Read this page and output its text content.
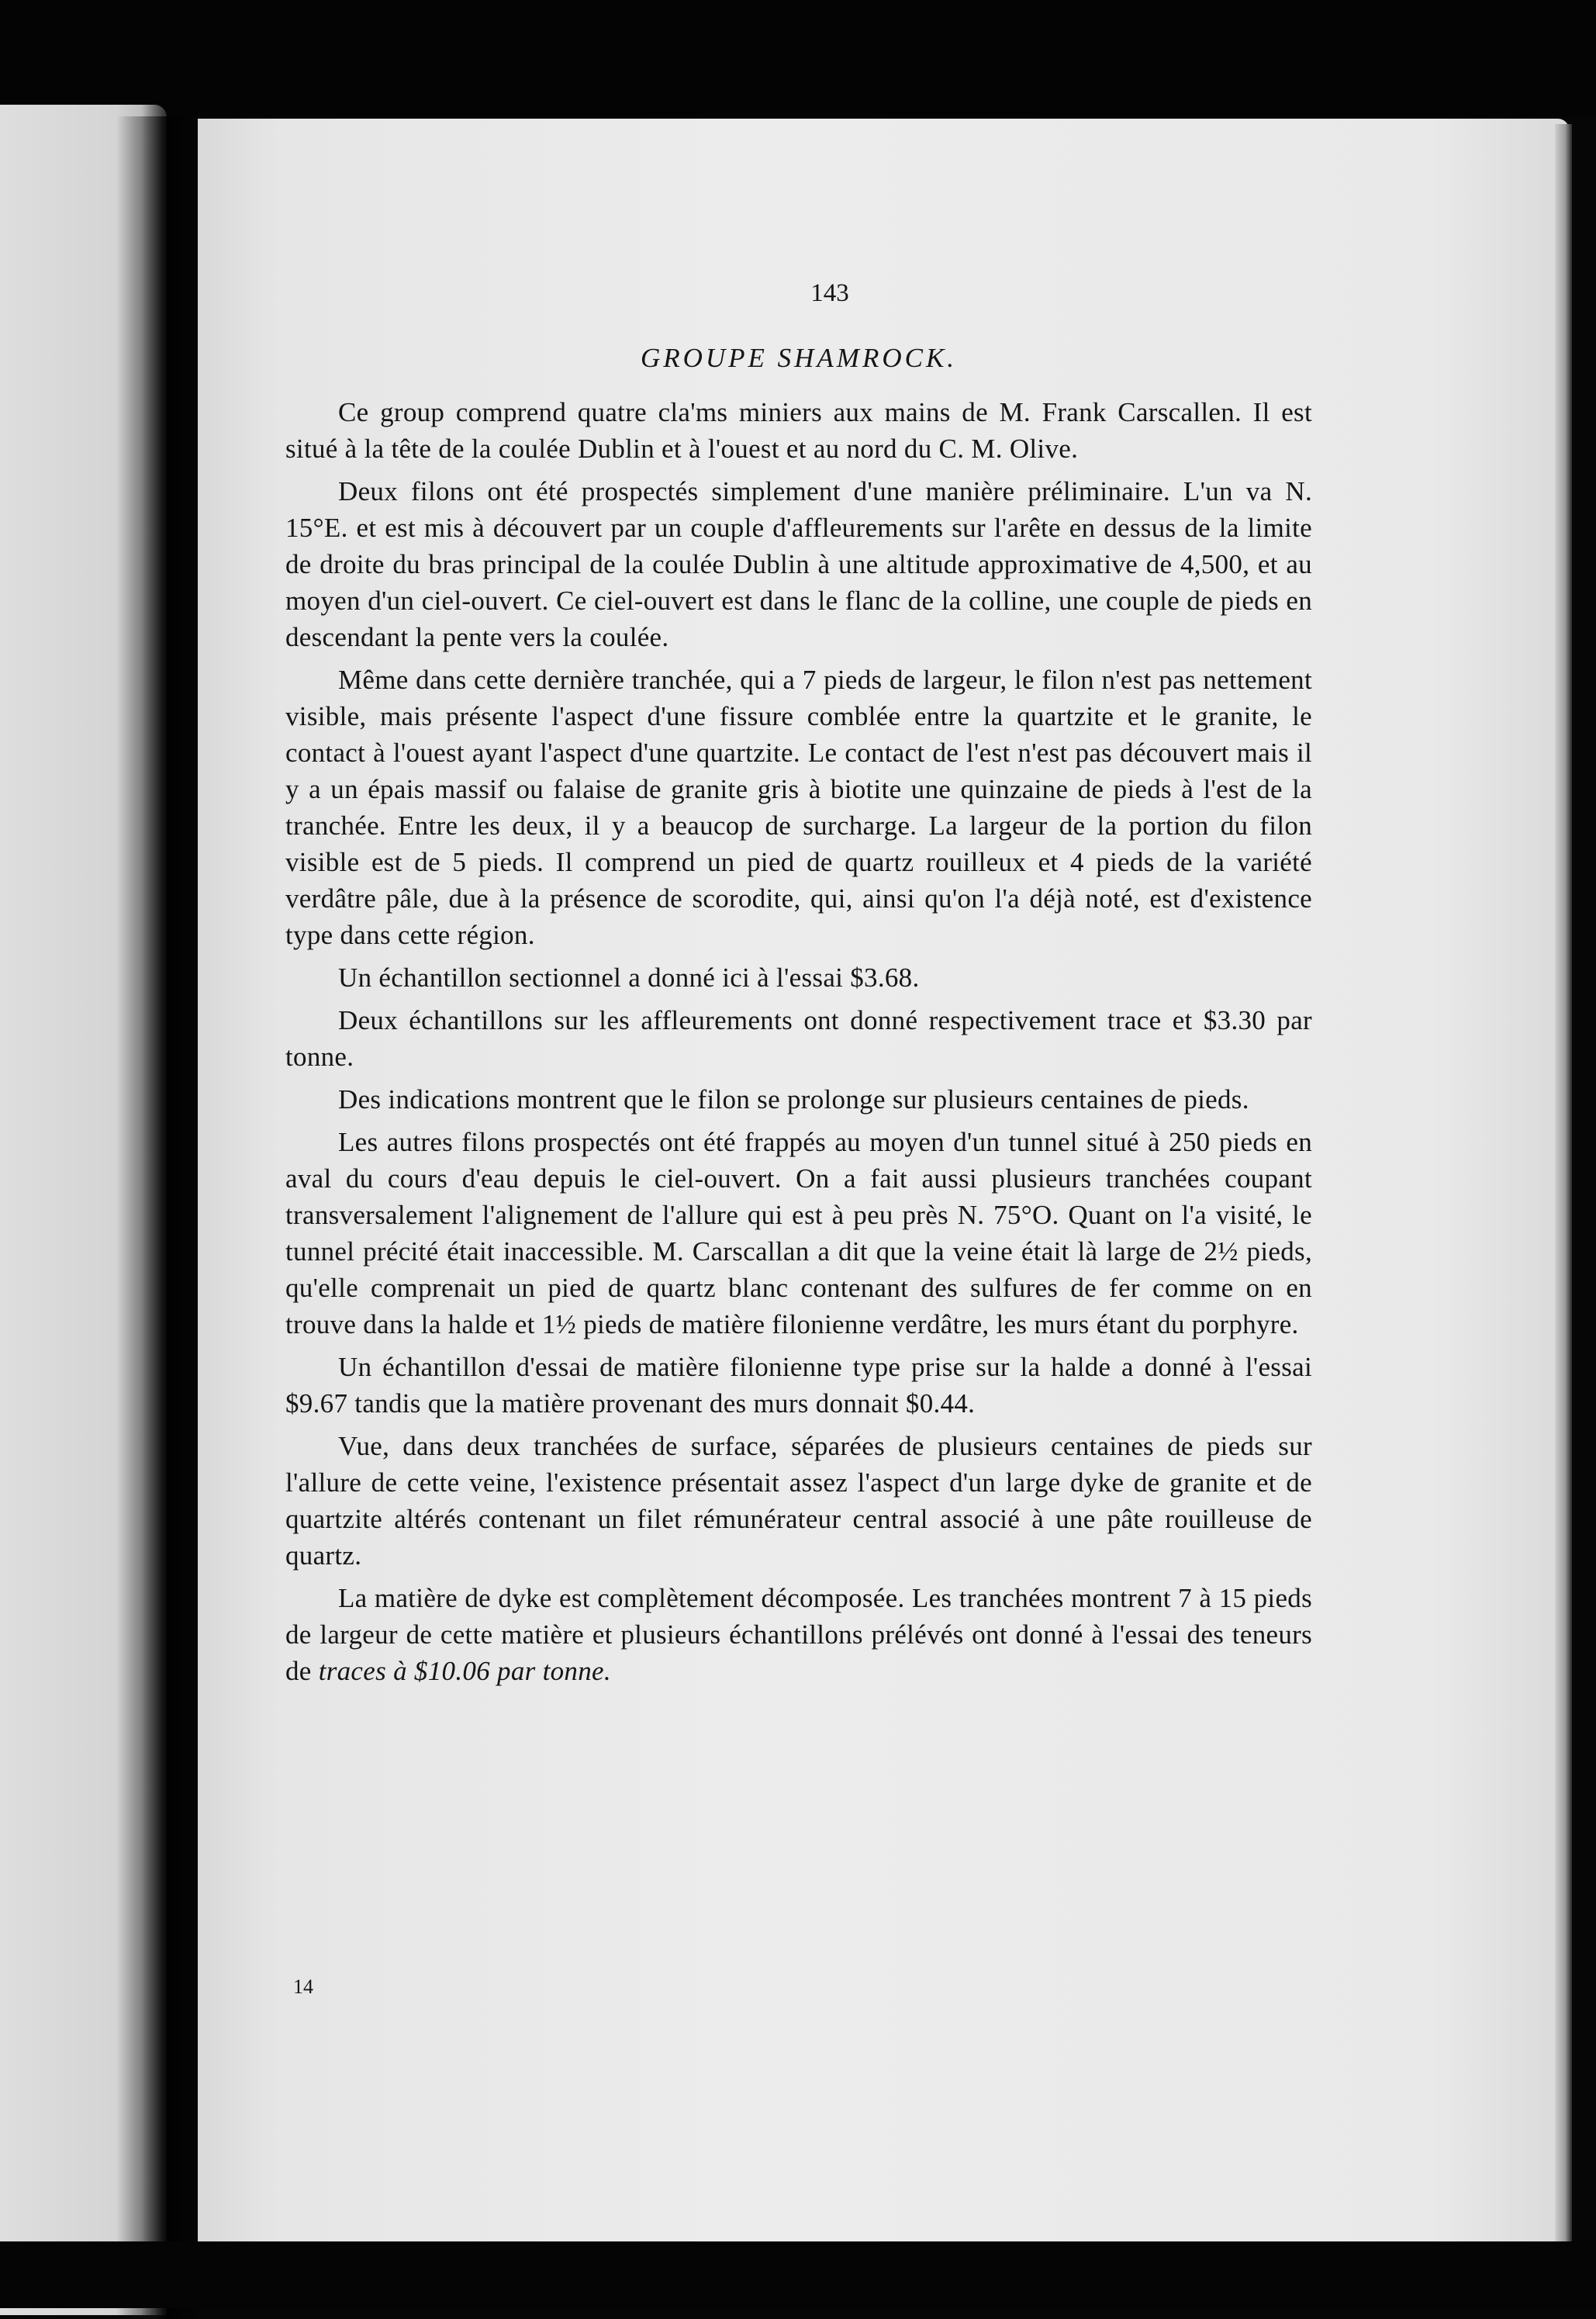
143
GROUPE SHAMROCK.

Ce group comprend quatre cla'ms miniers aux mains de M. Frank Carscallen. Il est situé à la tête de la coulée Dublin et à l'ouest et au nord du C. M. Olive.

Deux filons ont été prospectés simplement d'une manière préliminaire. L'un va N. 15°E. et est mis à découvert par un couple d'affleurements sur l'arête en dessus de la limite de droite du bras principal de la coulée Dublin à une altitude approximative de 4,500, et au moyen d'un ciel-ouvert. Ce ciel-ouvert est dans le flanc de la colline, une couple de pieds en descendant la pente vers la coulée.

Même dans cette dernière tranchée, qui a 7 pieds de largeur, le filon n'est pas nettement visible, mais présente l'aspect d'une fissure comblée entre la quartzite et le granite, le contact à l'ouest ayant l'aspect d'une quartzite. Le contact de l'est n'est pas découvert mais il y a un épais massif ou falaise de granite gris à biotite une quinzaine de pieds à l'est de la tranchée. Entre les deux, il y a beaucop de surcharge. La largeur de la portion du filon visible est de 5 pieds. Il comprend un pied de quartz rouilleux et 4 pieds de la variété verdâtre pâle, due à la présence de scorodite, qui, ainsi qu'on l'a déjà noté, est d'existence type dans cette région.

Un échantillon sectionnel a donné ici à l'essai $3.68.

Deux échantillons sur les affleurements ont donné respectivement trace et $3.30 par tonne.

Des indications montrent que le filon se prolonge sur plusieurs centaines de pieds.

Les autres filons prospectés ont été frappés au moyen d'un tunnel situé à 250 pieds en aval du cours d'eau depuis le ciel-ouvert. On a fait aussi plusieurs tranchées coupant transversalement l'alignement de l'allure qui est à peu près N. 75°O. Quant on l'a visité, le tunnel précité était inaccessible. M. Carscallan a dit que la veine était là large de 2½ pieds, qu'elle comprenait un pied de quartz blanc contenant des sulfures de fer comme on en trouve dans la halde et 1½ pieds de matière filonienne verdâtre, les murs étant du porphyre.

Un échantillon d'essai de matière filonienne type prise sur la halde a donné à l'essai $9.67 tandis que la matière provenant des murs donnait $0.44.

Vue, dans deux tranchées de surface, séparées de plusieurs centaines de pieds sur l'allure de cette veine, l'existence présentait assez l'aspect d'un large dyke de granite et de quartzite altérés contenant un filet rémunérateur central associé à une pâte rouilleuse de quartz.

La matière de dyke est complètement décomposée. Les tranchées montrent 7 à 15 pieds de largeur de cette matière et plusieurs échantillons prélévés ont donné à l'essai des teneurs de traces à $10.06 par tonne.

14
